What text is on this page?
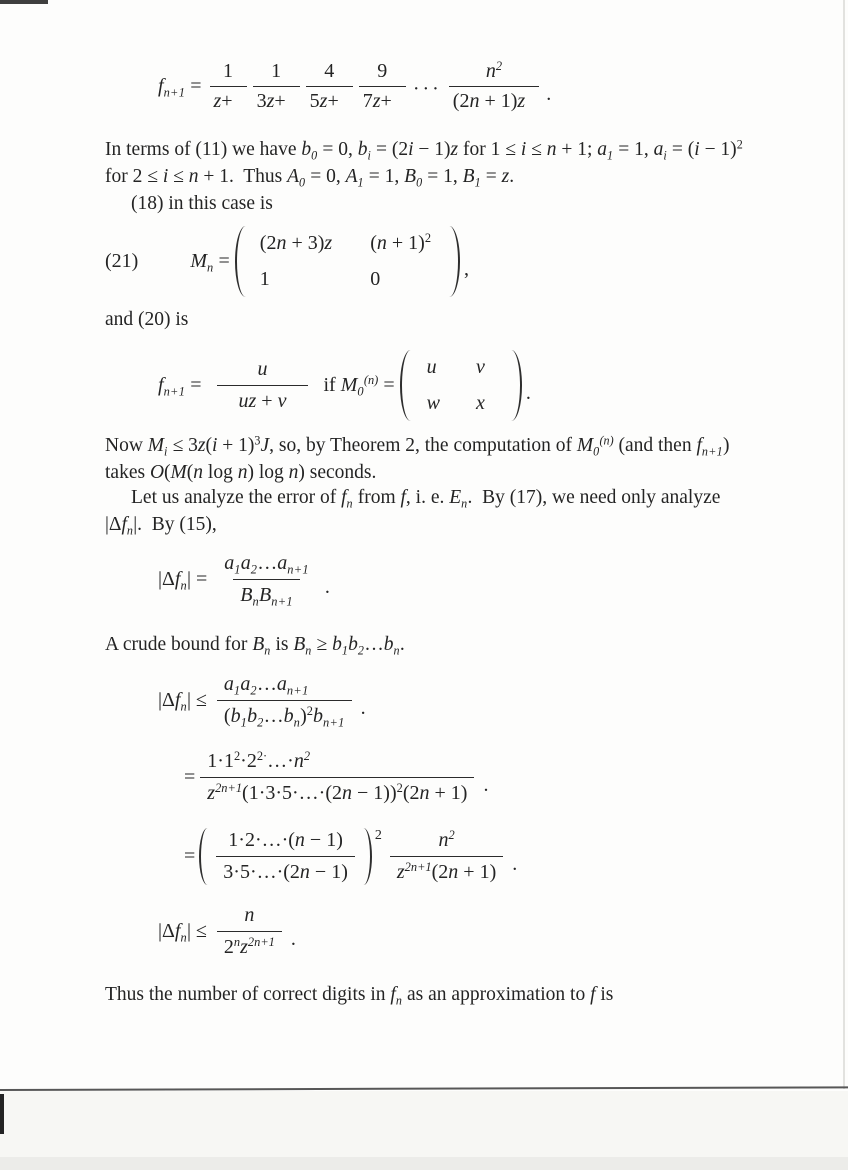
$f_{n+1} = \frac{1}{z+} \frac{1}{3z+} \frac{4}{5z+} \frac{9}{7z+}$ ··· $\frac{n^2}{(2n + 1)z}$ .
In terms of (11) we have $b_0 = 0$, $b_i = (2i - 1)z$ for 1 ≤ i ≤ n + 1; $a_1 = 1$, $a_i = (i - 1)^2$
for 2 ≤ i ≤ n + 1.  Thus $A_0 = 0$, $A_1 = 1$, $B_0 = 1$, $B_1 = z$.
(18) in this case is
(21)	$M_n$ =
(2n + 3)z $(n + 1)^2$
1	0	,
and (20) is
$f_{n+1} = \frac{u}{uz + v}$ if $M_0^{(n)}$ =
u v
w x .
Now $M_i \le 3z(i + 1)^3J$, so, by Theorem 2, the computation of $M_0^{(n)}$ (and then $f_{n+1}$)
takes O(M(n log n) log n) seconds.
Let us analyze the error of $f_n$ from f, i. e. $E_n$.  By (17), we need only analyze
$|\Delta f_n|$.  By (15),
$|\Delta f_n| = \frac{a_1a_2\dots a_{n+1}}{B_nB_{n+1}}$ .
A crude bound for $B_n$ is $B_n$ ≥ $b_1b_2\dots b_n$.
$|\Delta f_n| \le \frac{a_1a_2\dots a_{n+1}}{(b_1b_2\dots b_n)^2b_{n+1}}$ .
= $\frac{1\cdot 1^2\cdot 2^{2\cdot}\dots\cdot n^2}{z^{2n+1}(1\cdot 3\cdot 5\cdot\dots\cdot(2n - 1))^2(2n + 1)}$ .
= $\frac{1\cdot 2\cdot\dots\cdot(n - 1)}{3\cdot 5\cdot\dots\cdot(2n - 1)} 2 \frac{n^2}{z^{2n+1}(2n + 1)}$ .
$|\Delta f_n| \le \frac{n}{2^nz^{2n+1}}$ .
Thus the number of correct digits in $f_n$ as an approximation to f is
